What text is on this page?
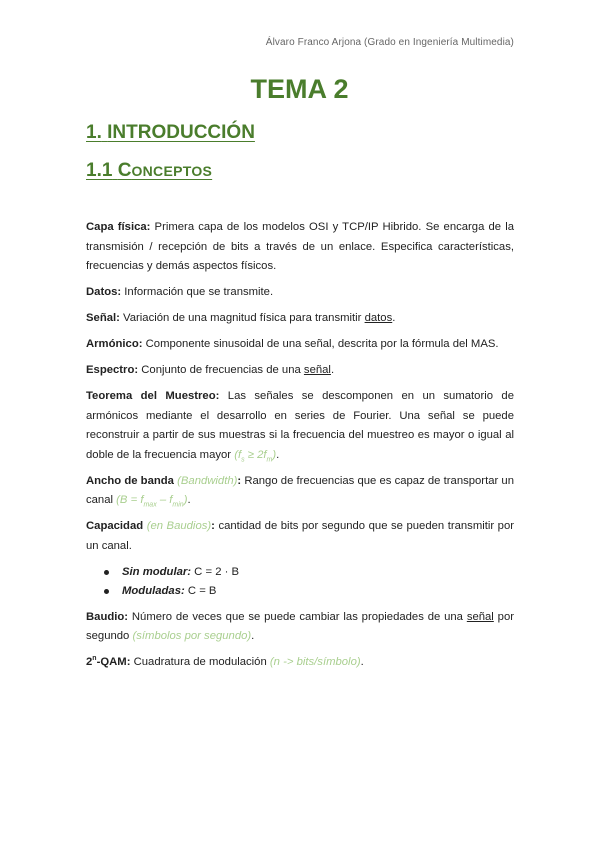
Álvaro Franco Arjona (Grado en Ingeniería Multimedia)
TEMA 2
1. INTRODUCCIÓN
1.1 CONCEPTOS

Capa física: Primera capa de los modelos OSI y TCP/IP Hibrido. Se encarga de la transmisión / recepción de bits a través de un enlace. Especifica características, frecuencias y demás aspectos físicos.

Datos: Información que se transmite.

Señal: Variación de una magnitud física para transmitir datos.

Armónico: Componente sinusoidal de una señal, descrita por la fórmula del MAS.

Espectro: Conjunto de frecuencias de una señal.

Teorema del Muestreo: Las señales se descomponen en un sumatorio de armónicos mediante el desarrollo en series de Fourier. Una señal se puede reconstruir a partir de sus muestras si la frecuencia del muestreo es mayor o igual al doble de la frecuencia mayor $(f_s \ge 2f_m)$.

Ancho de banda (Bandwidth): Rango de frecuencias que es capaz de transportar un canal $(B = f_{max} - f_{min})$.

Capacidad (en Baudios): cantidad de bits por segundo que se pueden transmitir por un canal.

Sin modular: C = 2 · B
Moduladas: C = B

Baudio: Número de veces que se puede cambiar las propiedades de una señal por segundo (símbolos por segundo).

2$^n$-QAM: Cuadratura de modulación (n -> bits/símbolo).
